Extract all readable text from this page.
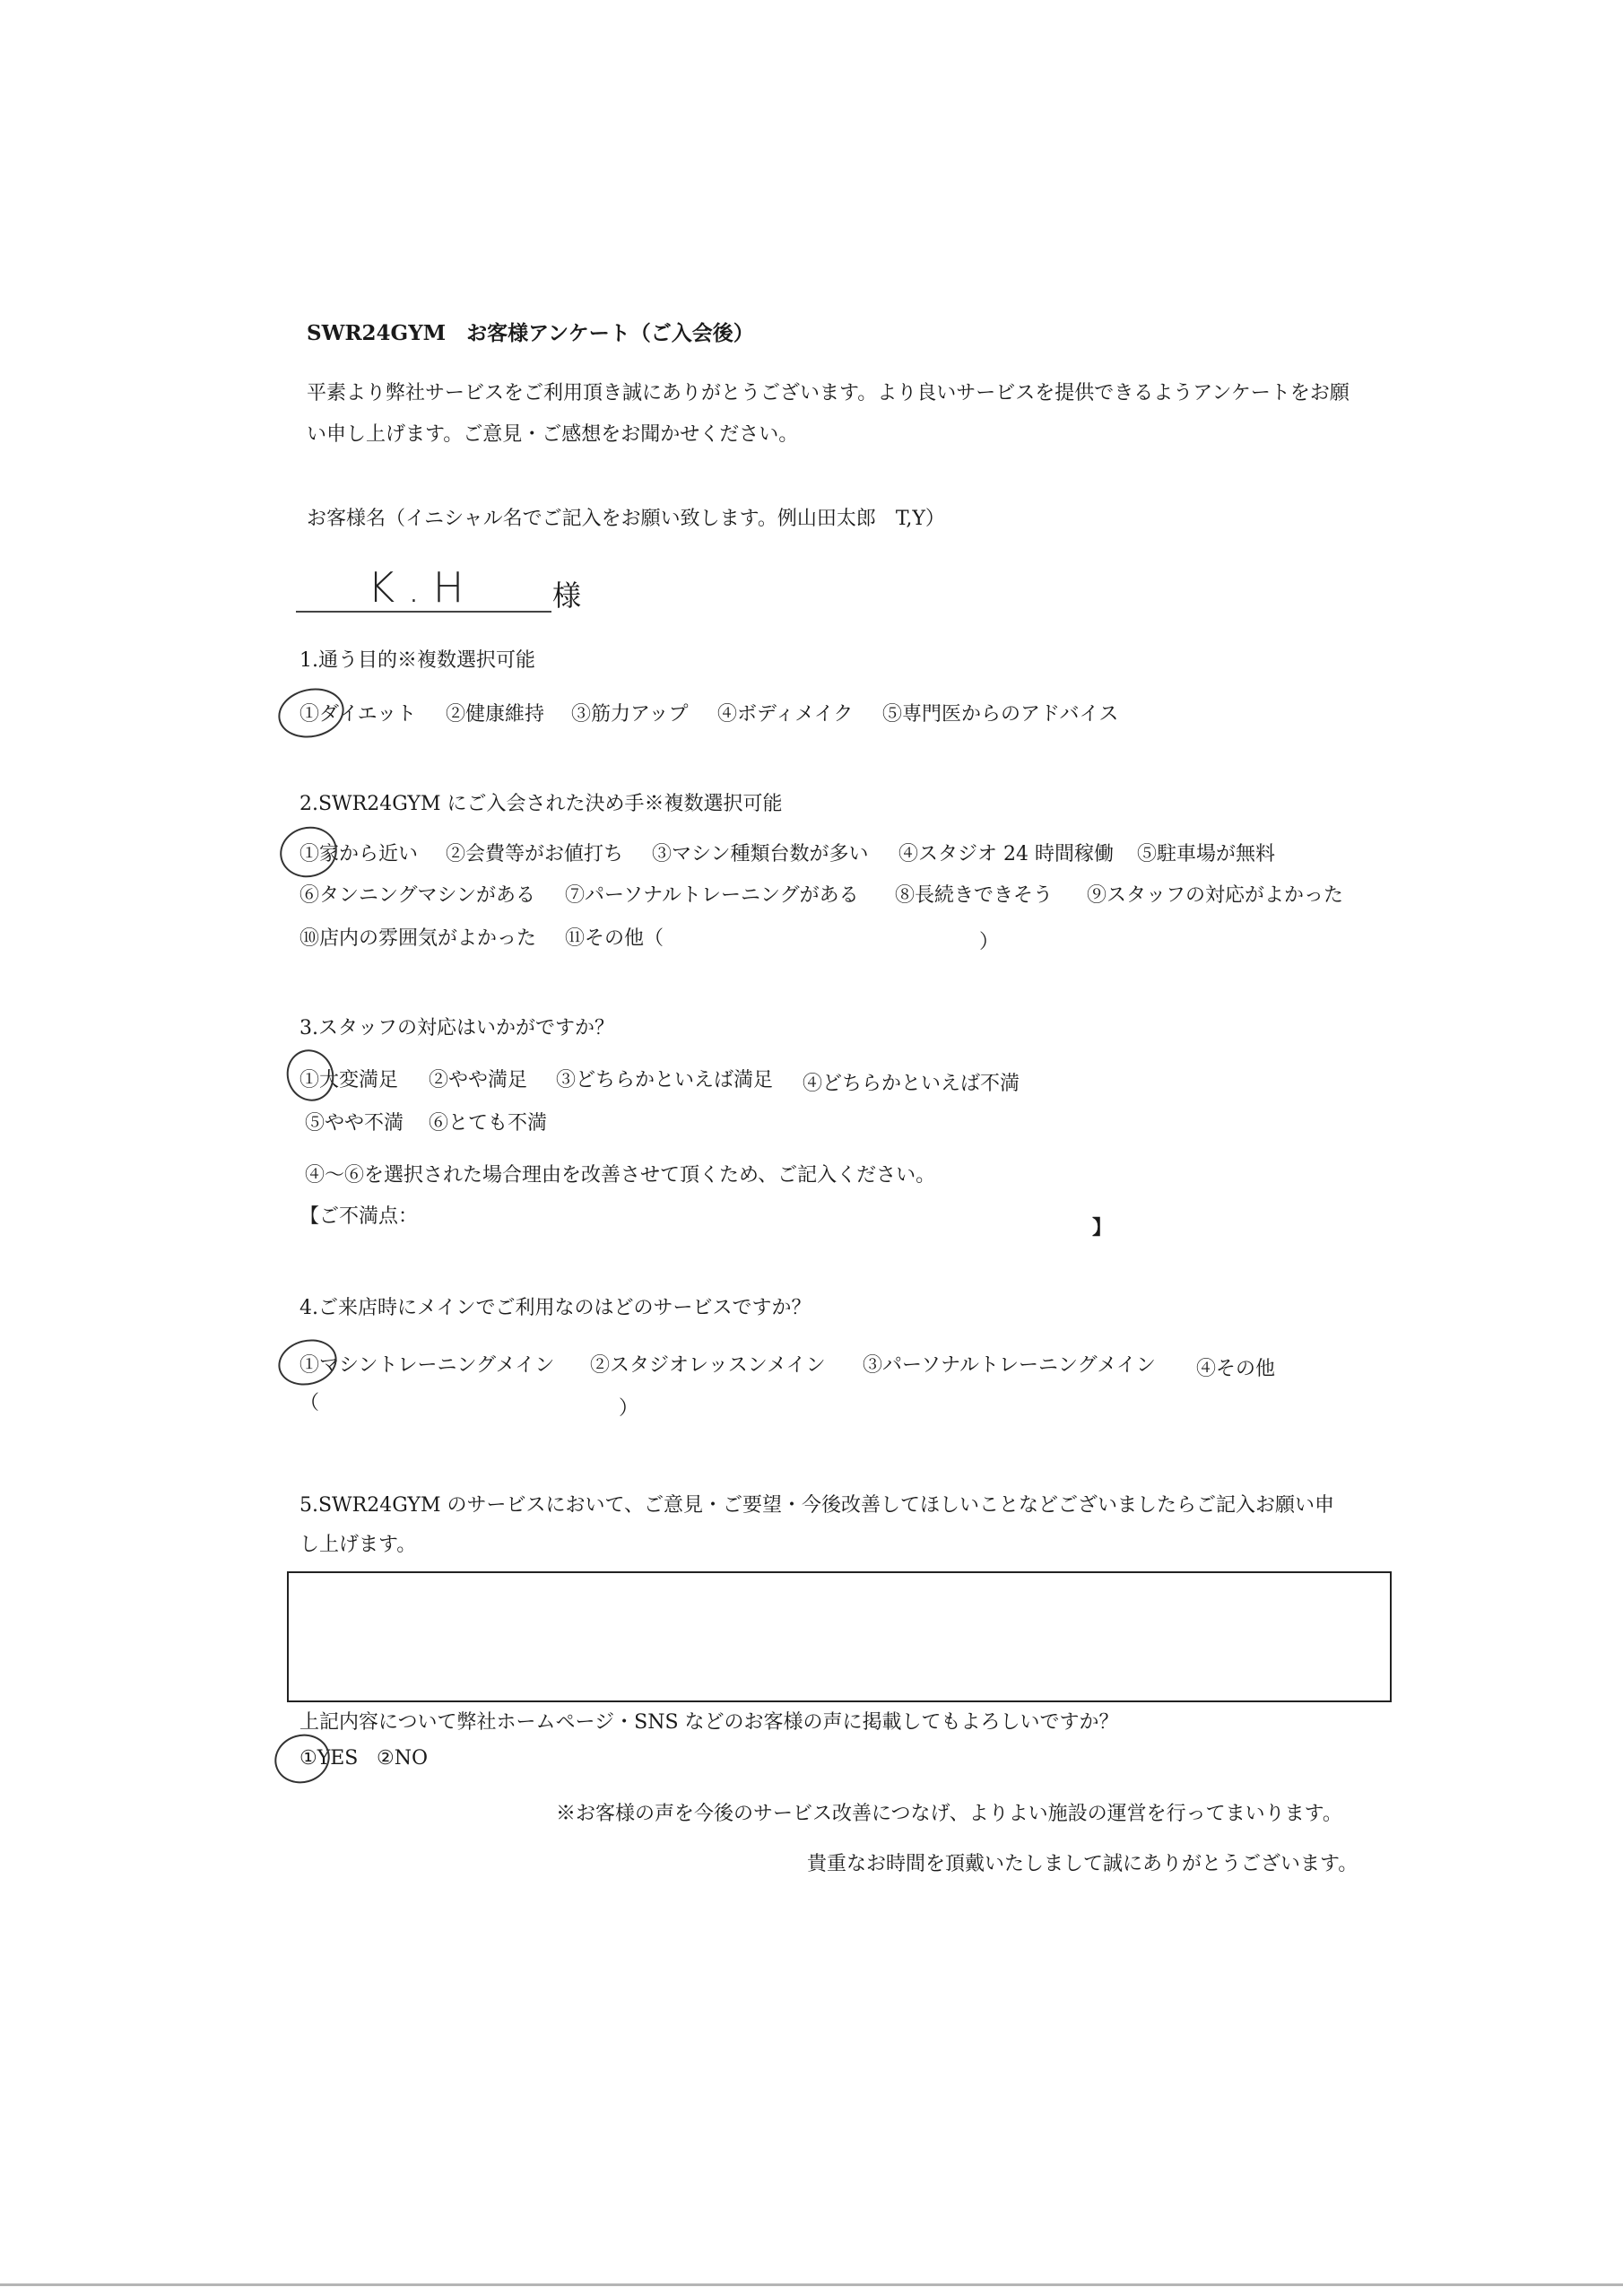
SWR24GYM　お客様アンケート（ご入会後）
平素より弊社サービスをご利用頂き誠にありがとうございます。より良いサービスを提供できるようアンケートをお願
い申し上げます。ご意見・ご感想をお聞かせください。
お客様名（イニシャル名でご記入をお願い致します。例山田太郎　T,Y）
K.H	様
1.通う目的※複数選択可能
①ダイエット ②健康維持 ③筋力アップ ④ボディメイク ⑤専門医からのアドバイス
2.SWR24GYM にご入会された決め手※複数選択可能
①家から近い ②会費等がお値打ち ③マシン種類台数が多い ④スタジオ 24 時間稼働 ⑤駐車場が無料
⑥タンニングマシンがある ⑦パーソナルトレーニングがある ⑧長続きできそう ⑨スタッフの対応がよかった
⑩店内の雰囲気がよかった ⑪その他（	）
3.スタッフの対応はいかがですか？
①大変満足 ②やや満足 ③どちらかといえば満足 ④どちらかといえば不満
⑤やや不満 ⑥とても不満
④～⑥を選択された場合理由を改善させて頂くため、ご記入ください。
【ご不満点：	】
4.ご来店時にメインでご利用なのはどのサービスですか？
①マシントレーニングメイン ②スタジオレッスンメイン ③パーソナルトレーニングメイン ④その他
（	）
5.SWR24GYM のサービスにおいて、ご意見・ご要望・今後改善してほしいことなどございましたらご記入お願い申
し上げます。
上記内容について弊社ホームページ・SNS などのお客様の声に掲載してもよろしいですか？
①YES ②NO
※お客様の声を今後のサービス改善につなげ、よりよい施設の運営を行ってまいります。
貴重なお時間を頂戴いたしまして誠にありがとうございます。
